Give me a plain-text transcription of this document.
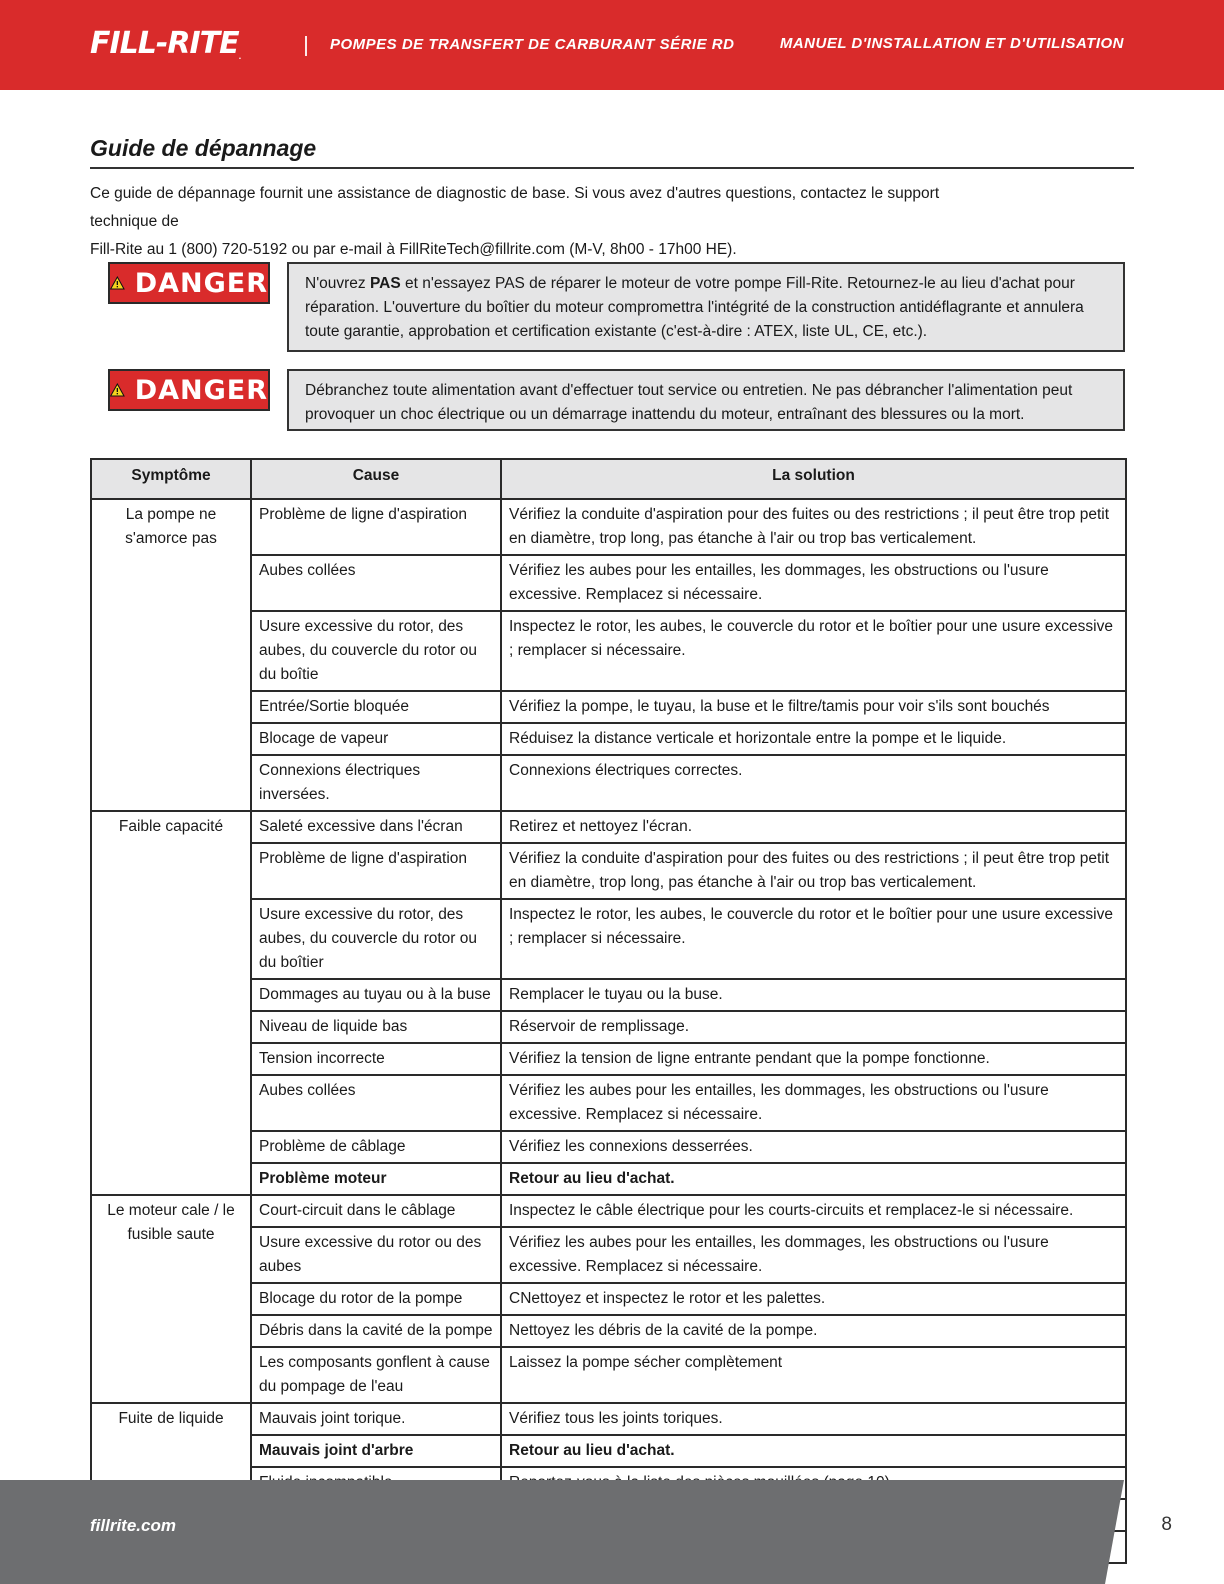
FILL-RITE.
POMPES DE TRANSFERT DE CARBURANT SÉRIE RD	MANUEL D'INSTALLATION ET D'UTILISATION
Guide de dépannage
Ce guide de dépannage fournit une assistance de diagnostic de base. Si vous avez d'autres questions, contactez le support technique de
Fill-Rite au 1 (800) 720-5192 ou par e-mail à FillRiteTech@fillrite.com (M-V, 8h00 - 17h00 HE).
DANGER	N'ouvrez PAS et n'essayez PAS de réparer le moteur de votre pompe Fill-Rite. Retournez-le au lieu d'achat pour réparation. L'ouverture du boîtier du moteur compromettra l'intégrité de la construction antidéflagrante et annulera toute garantie, approbation et certification existante (c'est-à-dire : ATEX, liste UL, CE, etc.).
DANGER	Débranchez toute alimentation avant d'effectuer tout service ou entretien. Ne pas débrancher l'alimentation peut provoquer un choc électrique ou un démarrage inattendu du moteur, entraînant des blessures ou la mort.
Symptôme	Cause	La solution
La pompe ne s'amorce pas	Problème de ligne d'aspiration	Vérifiez la conduite d'aspiration pour des fuites ou des restrictions ; il peut être trop petit en diamètre, trop long, pas étanche à l'air ou trop bas verticalement.
	Aubes collées	Vérifiez les aubes pour les entailles, les dommages, les obstructions ou l'usure excessive. Remplacez si nécessaire.
	Usure excessive du rotor, des aubes, du couvercle du rotor ou du boîtie	Inspectez le rotor, les aubes, le couvercle du rotor et le boîtier pour une usure excessive ; remplacer si nécessaire.
	Entrée/Sortie bloquée	Vérifiez la pompe, le tuyau, la buse et le filtre/tamis pour voir s'ils sont bouchés
	Blocage de vapeur	Réduisez la distance verticale et horizontale entre la pompe et le liquide.
	Connexions électriques inversées.	Connexions électriques correctes.
Faible capacité	Saleté excessive dans l'écran	Retirez et nettoyez l'écran.
	Problème de ligne d'aspiration	Vérifiez la conduite d'aspiration pour des fuites ou des restrictions ; il peut être trop petit en diamètre, trop long, pas étanche à l'air ou trop bas verticalement.
	Usure excessive du rotor, des aubes, du couvercle du rotor ou du boîtier	Inspectez le rotor, les aubes, le couvercle du rotor et le boîtier pour une usure excessive ; remplacer si nécessaire.
	Dommages au tuyau ou à la buse	Remplacer le tuyau ou la buse.
	Niveau de liquide bas	Réservoir de remplissage.
	Tension incorrecte	Vérifiez la tension de ligne entrante pendant que la pompe fonctionne.
	Aubes collées	Vérifiez les aubes pour les entailles, les dommages, les obstructions ou l'usure excessive. Remplacez si nécessaire.
	Problème de câblage	Vérifiez les connexions desserrées.
	Problème moteur	Retour au lieu d'achat.
Le moteur cale / le fusible saute	Court-circuit dans le câblage	Inspectez le câble électrique pour les courts-circuits et remplacez-le si nécessaire.
	Usure excessive du rotor ou des aubes	Vérifiez les aubes pour les entailles, les dommages, les obstructions ou l'usure excessive. Remplacez si nécessaire.
	Blocage du rotor de la pompe	CNettoyez et inspectez le rotor et les palettes.
	Débris dans la cavité de la pompe	Nettoyez les débris de la cavité de la pompe.
	Les composants gonflent à cause du pompage de l'eau	Laissez la pompe sécher complètement
Fuite de liquide	Mauvais joint torique.	Vérifiez tous les joints toriques.
	Mauvais joint d'arbre	Retour au lieu d'achat.

fillrite.com	8
